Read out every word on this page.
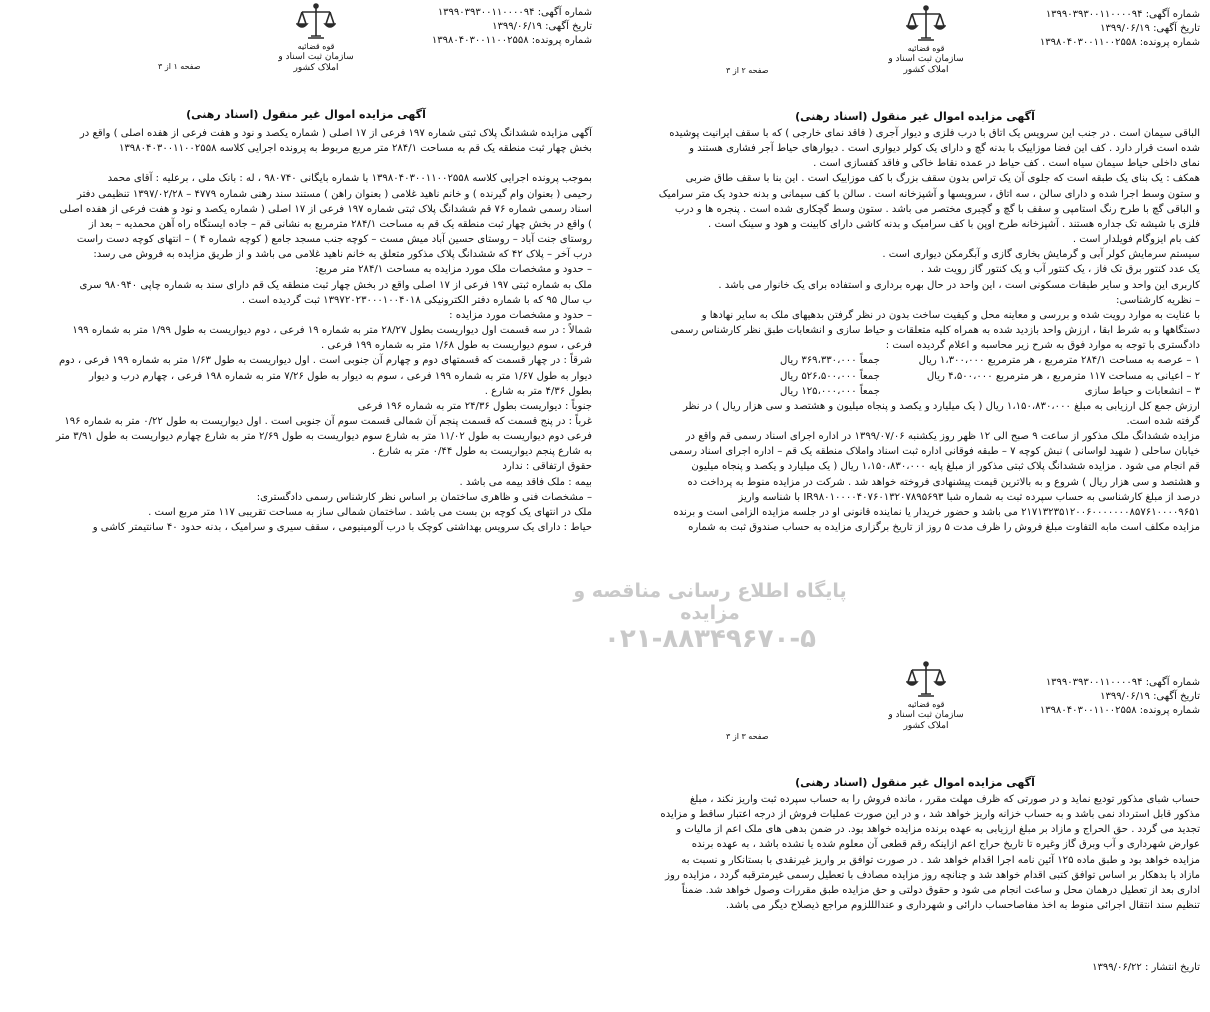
شماره آگهی: ۱۳۹۹۰۳۹۳۰۰۱۱۰۰۰۰۹۴
تاریخ آگهی: ۱۳۹۹/۰۶/۱۹
شماره پرونده: ۱۳۹۸۰۴۰۳۰۰۱۱۰۰۲۵۵۸
قوه قضائیه
سازمان ثبت اسناد و املاک کشور
صفحه ۱ از ۳
آگهی مزایده اموال غیر منقول (اسناد رهنی)

آگهی مزایده ششدانگ پلاک ثبتی شماره ۱۹۷ فرعی از ۱۷ اصلی ( شماره یکصد و نود و هفت فرعی از هفده اصلی ) واقع در

بخش چهار ثبت منطقه یک قم به مساحت ۲۸۴/۱ متر مربع مربوط به پرونده اجرایی کلاسه ۱۳۹۸۰۴۰۳۰۰۱۱۰۰۲۵۵۸

بموجب پرونده اجرایی کلاسه ۱۳۹۸۰۴۰۳۰۰۱۱۰۰۲۵۵۸ با شماره بایگانی ۹۸۰۷۴۰ ، له : بانک ملی ، برعلیه : آقای محمد

رحیمی ( بعنوان وام گیرنده ) و خانم ناهید غلامی ( بعنوان راهن ) مستند سند رهنی شماره ۴۷۷۹ – ۱۳۹۷/۰۲/۲۸ تنظیمی دفتر

اسناد رسمی شماره ۷۶ قم ششدانگ پلاک ثبتی شماره ۱۹۷ فرعی از ۱۷ اصلی ( شماره یکصد و نود و هفت فرعی از هفده اصلی

) واقع در بخش چهار ثبت منطقه یک قم به مساحت ۲۸۴/۱ مترمربع به نشانی قم – جاده ایستگاه راه آهن محمدیه – بعد از

روستای جنت آباد – روستای حسین آباد میش مست – کوچه جنب مسجد جامع ( کوچه شماره ۴ ) – انتهای کوچه دست راست

درب آخر – پلاک ۴۲ که ششدانگ پلاک مذکور متعلق به خانم ناهید غلامی می باشد و از طریق مزایده به فروش می رسد:

– حدود و مشخصات ملک مورد مزایده به مساحت ۲۸۴/۱ متر مربع:

ملک به شماره ثبتی ۱۹۷ فرعی از ۱۷ اصلی واقع در بخش چهار ثبت منطقه یک قم دارای سند به شماره چاپی ۹۸۰۹۴۰ سری

ب سال ۹۵ که با شماره دفتر الکترونیکی ۱۳۹۷۲۰۲۳۰۰۰۱۰۰۴۰۱۸ ثبت گردیده است .

– حدود و مشخصات مورد مزایده :

شمالاً : در سه قسمت اول دیواریست بطول ۲۸/۲۷ متر به شماره ۱۹ فرعی ، دوم دیواریست به طول ۱/۹۹ متر به شماره ۱۹۹

فرعی ، سوم دیواریست به طول ۱/۶۸ متر به شماره ۱۹۹ فرعی .

شرقاً : در چهار قسمت که قسمتهای دوم و چهارم آن جنوبی است . اول دیواریست به طول ۱/۶۳ متر به شماره ۱۹۹ فرعی ، دوم

دیوار به طول ۱/۶۷ متر به شماره ۱۹۹ فرعی ، سوم به دیوار به طول ۷/۲۶ متر به شماره ۱۹۸ فرعی ، چهارم درب و دیوار

بطول ۴/۳۶ متر به شارع .

جنوباً : دیواریست بطول ۲۴/۳۶ متر به شماره ۱۹۶ فرعی

غرباً : در پنج قسمت که قسمت پنجم آن شمالی قسمت سوم آن جنوبی است . اول دیواریست به طول ۰/۲۲ متر به شماره ۱۹۶

فرعی دوم دیواریست به طول ۱۱/۰۲ متر به شارع سوم دیواریست به طول ۲/۶۹ متر به شارع چهارم دیواریست به طول ۳/۹۱ متر

به شارع پنجم دیواریست به طول ۰/۴۴ متر به شارع .

حقوق ارتفاقی : ندارد

بیمه : ملک فاقد بیمه می باشد .

– مشخصات فنی و ظاهری ساختمان بر اساس نظر کارشناس رسمی دادگستری:

ملک در انتهای یک کوچه بن بست می باشد . ساختمان شمالی ساز به مساحت تقریبی ۱۱۷ متر مربع است .

حیاط : دارای یک سرویس بهداشتی کوچک با درب آلومینیومی ، سقف سیری و سرامیک ، بدنه حدود ۴۰ سانتیمتر کاشی و

شماره آگهی: ۱۳۹۹۰۳۹۳۰۰۱۱۰۰۰۰۹۴
تاریخ آگهی: ۱۳۹۹/۰۶/۱۹
شماره پرونده: ۱۳۹۸۰۴۰۳۰۰۱۱۰۰۲۵۵۸
قوه قضائیه
سازمان ثبت اسناد و املاک کشور
صفحه ۲ از ۳
آگهی مزایده اموال غیر منقول (اسناد رهنی)

الباقی سیمان است . در جنب این سرویس یک اتاق با درب فلزی و دیوار آجری ( فاقد نمای خارجی ) که با سقف ایرانیت پوشیده

شده است قرار دارد . کف این فضا موزاییک با بدنه گچ و دارای یک کولر دیواری است . دیوارهای حیاط آجر فشاری هستند و

نمای داخلی حیاط سیمان سیاه است . کف حیاط در عمده نقاط خاکی و فاقد کفسازی است .

همکف : یک بنای یک طبقه است که جلوی آن یک تراس بدون سقف بزرگ با کف موزاییک است . این بنا با سقف طاق ضربی

و ستون وسط اجرا شده و دارای سالن ، سه اتاق ، سرویسها و آشپزخانه است . سالن با کف سیمانی و بدنه حدود یک متر سرامیک

و الباقی گچ با طرح رنگ استامپی و سقف با گچ و گچبری مختصر می باشد . ستون وسط گچکاری شده است . پنجره ها و درب

فلزی با شیشه تک جداره هستند . آشپزخانه طرح اوپن با کف سرامیک و بدنه کاشی دارای کابینت و هود و سینک است .

کف بام ایزوگام فویلدار است .

سیستم سرمایش کولر آبی و گرمایش بخاری گازی و آبگرمکن دیواری است .

یک عدد کنتور برق تک فاز ، یک کنتور آب و یک کنتور گاز رویت شد .

کاربری این واحد و سایر طبقات مسکونی است ، این واحد در حال بهره برداری و استفاده برای یک خانوار می باشد .

– نظریه کارشناسی:

با عنایت به موارد رویت شده و بررسی و معاینه محل و کیفیت ساخت بدون در نظر گرفتن بدهیهای ملک به سایر نهادها و

دستگاهها و به شرط ابقا ، ارزش واحد بازدید شده به همراه کلیه متعلقات و حیاط سازی و انشعابات طبق نظر کارشناس رسمی

دادگستری با توجه به موارد فوق به شرح زیر محاسبه و اعلام گردیده است :

۱ – عرصه به مساحت ۲۸۴/۱ مترمربع ، هر مترمربع ۱،۳۰۰،۰۰۰ ریال
جمعاً ۳۶۹،۳۳۰،۰۰۰ ریال
۲ – اعیانی به مساحت ۱۱۷ مترمربع ، هر مترمربع ۴،۵۰۰،۰۰۰ ریال
جمعاً ۵۲۶،۵۰۰،۰۰۰ ریال
۳ – انشعابات و حیاط سازی
جمعاً ۱۲۵،۰۰۰،۰۰۰ ریال

ارزش جمع کل ارزیابی به مبلغ ۱،۱۵۰،۸۳۰،۰۰۰ ریال ( یک میلیارد و یکصد و پنجاه میلیون و هشتصد و سی هزار ریال ) در نظر

گرفته شده است.

مزایده ششدانگ ملک مذکور از ساعت ۹ صبح الی ۱۲ ظهر روز یکشنبه ۱۳۹۹/۰۷/۰۶ در اداره اجرای اسناد رسمی قم واقع در

خیابان ساحلی ( شهید لواسانی ) نبش کوچه ۷ – طبقه فوقانی اداره ثبت اسناد واملاک منطقه یک قم – اداره اجرای اسناد رسمی

قم انجام می شود . مزایده ششدانگ پلاک ثبتی مذکور از مبلغ پایه ۱،۱۵۰،۸۳۰،۰۰۰ ریال ( یک میلیارد و یکصد و پنجاه میلیون

و هشتصد و سی هزار ریال ) شروع و به بالاترین قیمت پیشنهادی فروخته خواهد شد . شرکت در مزایده منوط به پرداخت ده

درصد از مبلغ کارشناسی به حساب سپرده ثبت به شماره شبا IR۹۸۰۱۰۰۰۰۴۰۷۶۰۱۳۲۰۷۸۹۵۶۹۳ با شناسه واریز

۲۱۷۱۳۲۳۵۱۲۰۰۶۰۰۰۰۰۰۰۸۵۷۶۱۰۰۰۰۹۶۵۱ می باشد و حضور خریدار یا نماینده قانونی او در جلسه مزایده الزامی است و برنده

مزایده مکلف است مابه التفاوت مبلغ فروش را ظرف مدت ۵ روز از تاریخ برگزاری مزایده به حساب صندوق ثبت به شماره

شماره آگهی: ۱۳۹۹۰۳۹۳۰۰۱۱۰۰۰۰۹۴
تاریخ آگهی: ۱۳۹۹/۰۶/۱۹
شماره پرونده: ۱۳۹۸۰۴۰۳۰۰۱۱۰۰۲۵۵۸
قوه قضائیه
سازمان ثبت اسناد و املاک کشور
صفحه ۳ از ۳
آگهی مزایده اموال غیر منقول (اسناد رهنی)

حساب شبای مذکور تودیع نماید و در صورتی که ظرف مهلت مقرر ، مانده فروش را به حساب سپرده ثبت واریز نکند ، مبلغ

مذکور قابل استرداد نمی باشد و به حساب خزانه واریز خواهد شد ، و در این صورت عملیات فروش از درجه اعتبار ساقط و مزایده

تجدید می گردد . حق الحراج و مازاد بر مبلغ ارزیابی به عهده برنده مزایده خواهد بود. در ضمن بدهی های ملک اعم از مالیات و

عوارض شهرداری و آب وبرق گاز وغیره تا تاریخ حراج اعم ازاینکه رقم قطعی آن معلوم شده یا نشده باشد ، به عهده برنده

مزایده خواهد بود و طبق ماده ۱۲۵ آئین نامه اجرا اقدام خواهد شد . در صورت توافق بر واریز غیرنقدی با بستانکار و نسبت به

مازاد با بدهکار بر اساس توافق کتبی اقدام خواهد شد و چنانچه روز مزایده مصادف با تعطیل رسمی غیرمترقبه گردد ، مزایده روز

اداری بعد از تعطیل درهمان محل و ساعت انجام می شود و حقوق دولتی و حق مزایده طبق مقررات وصول خواهد شد. ضمناً

تنظیم سند انتقال اجرائی منوط به اخذ مفاصاحساب دارائی و شهرداری و عندالللزوم مراجع ذیصلاح دیگر می باشد.

تاریخ انتشار : ۱۳۹۹/۰۶/۲۲
پایگاه اطلاع رسانی مناقصه و مزایده
۰۲۱-۸۸۳۴۹۶۷۰-۵
